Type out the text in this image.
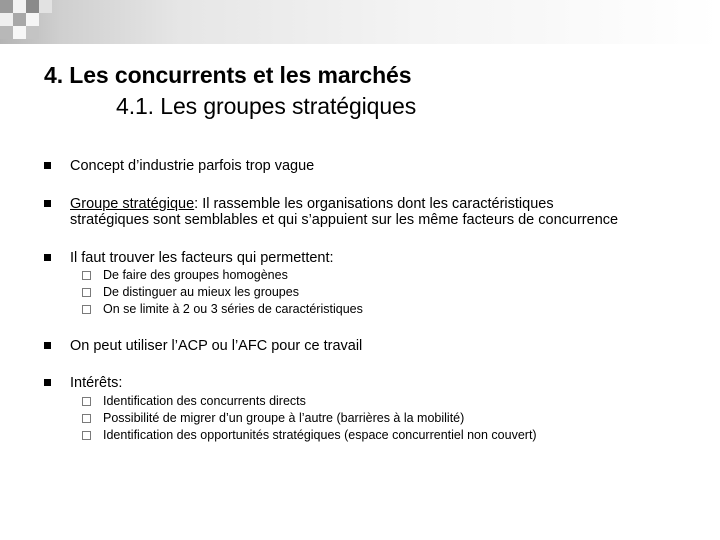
4. Les concurrents et les marchés
4.1. Les groupes stratégiques
Concept d’industrie parfois trop vague
Groupe stratégique: Il rassemble les organisations dont les caractéristiques
stratégiques sont semblables et qui s’appuient sur les même facteurs de concurrence
Il faut trouver les facteurs qui permettent:
De faire des groupes homogènes
De distinguer au mieux les groupes
On se limite à 2 ou 3 séries de caractéristiques
On peut utiliser l’ACP ou l’AFC pour ce travail
Intérêts:
Identification des concurrents directs
Possibilité de migrer d’un groupe à l’autre (barrières à la mobilité)
Identification des opportunités stratégiques (espace concurrentiel non couvert)
